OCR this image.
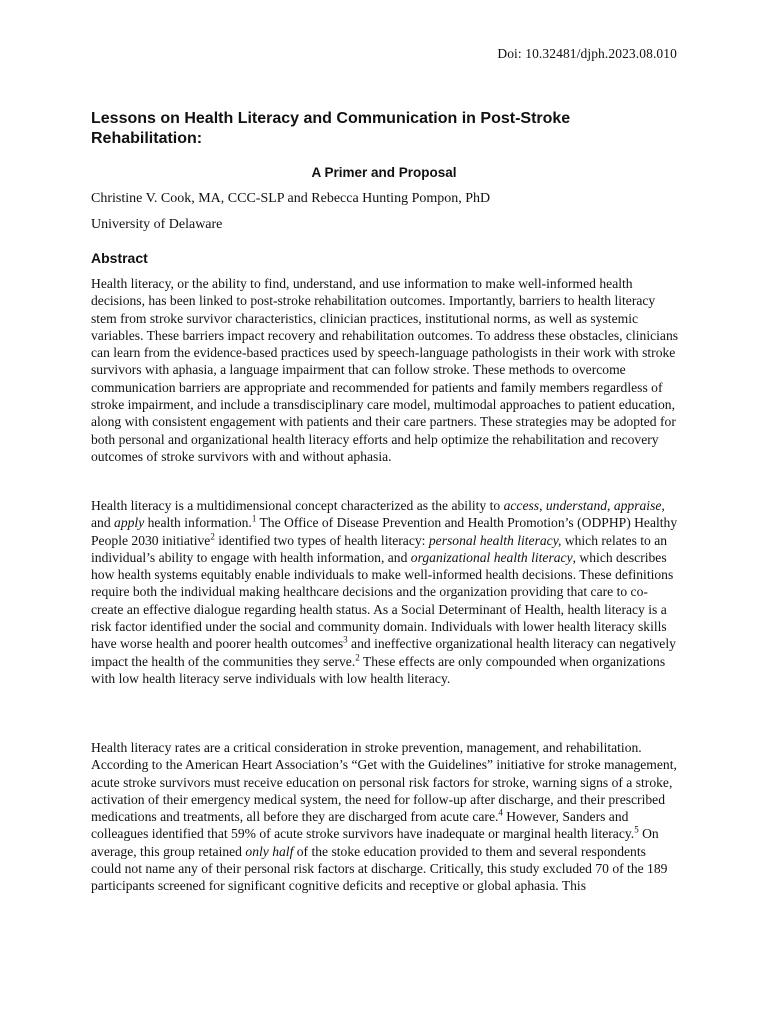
Doi: 10.32481/djph.2023.08.010
Lessons on Health Literacy and Communication in Post-Stroke Rehabilitation:
A Primer and Proposal

Christine V. Cook, MA, CCC-SLP and Rebecca Hunting Pompon, PhD

University of Delaware

Abstract

Health literacy, or the ability to find, understand, and use information to make well-informed health decisions, has been linked to post-stroke rehabilitation outcomes. Importantly, barriers to health literacy stem from stroke survivor characteristics, clinician practices, institutional norms, as well as systemic variables. These barriers impact recovery and rehabilitation outcomes. To address these obstacles, clinicians can learn from the evidence-based practices used by speech-language pathologists in their work with stroke survivors with aphasia, a language impairment that can follow stroke. These methods to overcome communication barriers are appropriate and recommended for patients and family members regardless of stroke impairment, and include a transdisciplinary care model, multimodal approaches to patient education, along with consistent engagement with patients and their care partners. These strategies may be adopted for both personal and organizational health literacy efforts and help optimize the rehabilitation and recovery outcomes of stroke survivors with and without aphasia.

Health literacy is a multidimensional concept characterized as the ability to access, understand, appraise, and apply health information.$^1$ The Office of Disease Prevention and Health Promotion’s (ODPHP) Healthy People 2030 initiative$^2$ identified two types of health literacy: personal health literacy, which relates to an individual’s ability to engage with health information, and organizational health literacy, which describes how health systems equitably enable individuals to make well-informed health decisions. These definitions require both the individual making healthcare decisions and the organization providing that care to co-create an effective dialogue regarding health status. As a Social Determinant of Health, health literacy is a risk factor identified under the social and community domain. Individuals with lower health literacy skills have worse health and poorer health outcomes$^3$ and ineffective organizational health literacy can negatively impact the health of the communities they serve.$^2$ These effects are only compounded when organizations with low health literacy serve individuals with low health literacy.

Health literacy rates are a critical consideration in stroke prevention, management, and rehabilitation. According to the American Heart Association’s “Get with the Guidelines” initiative for stroke management, acute stroke survivors must receive education on personal risk factors for stroke, warning signs of a stroke, activation of their emergency medical system, the need for follow-up after discharge, and their prescribed medications and treatments, all before they are discharged from acute care.$^4$ However, Sanders and colleagues identified that 59% of acute stroke survivors have inadequate or marginal health literacy.$^5$ On average, this group retained only half of the stoke education provided to them and several respondents could not name any of their personal risk factors at discharge. Critically, this study excluded 70 of the 189 participants screened for significant cognitive deficits and receptive or global aphasia. This
